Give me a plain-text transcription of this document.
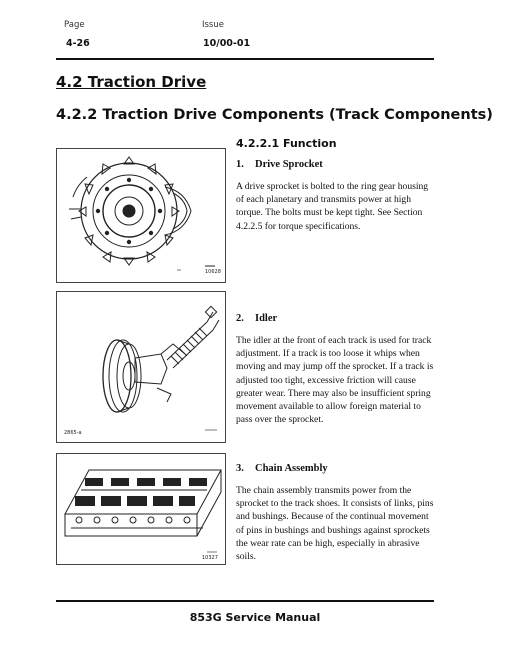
Page	Issue
4-26	10/00-01
4.2 Traction Drive
4.2.2 Traction Drive Components (Track Components)
4.2.2.1 Function
10628
2865-a
10327

1. Drive Sprocket

A drive sprocket is bolted to the ring gear housing of each planetary and transmits power at high torque. The bolts must be kept tight. See Section 4.2.2.5 for torque specifications.

2. Idler

The idler at the front of each track is used for track adjustment. If a track is too loose it whips when moving and may jump off the sprocket. If a track is adjusted too tight, excessive friction will cause greater wear. There may also be insufficient spring movement available to allow foreign material to pass over the sprocket.

3. Chain Assembly

The chain assembly transmits power from the sprocket to the track shoes. It consists of links, pins and bushings. Because of the continual movement of pins in bushings and bushings against sprockets the wear rate can be high, especially in abrasive soils.

853G Service Manual
